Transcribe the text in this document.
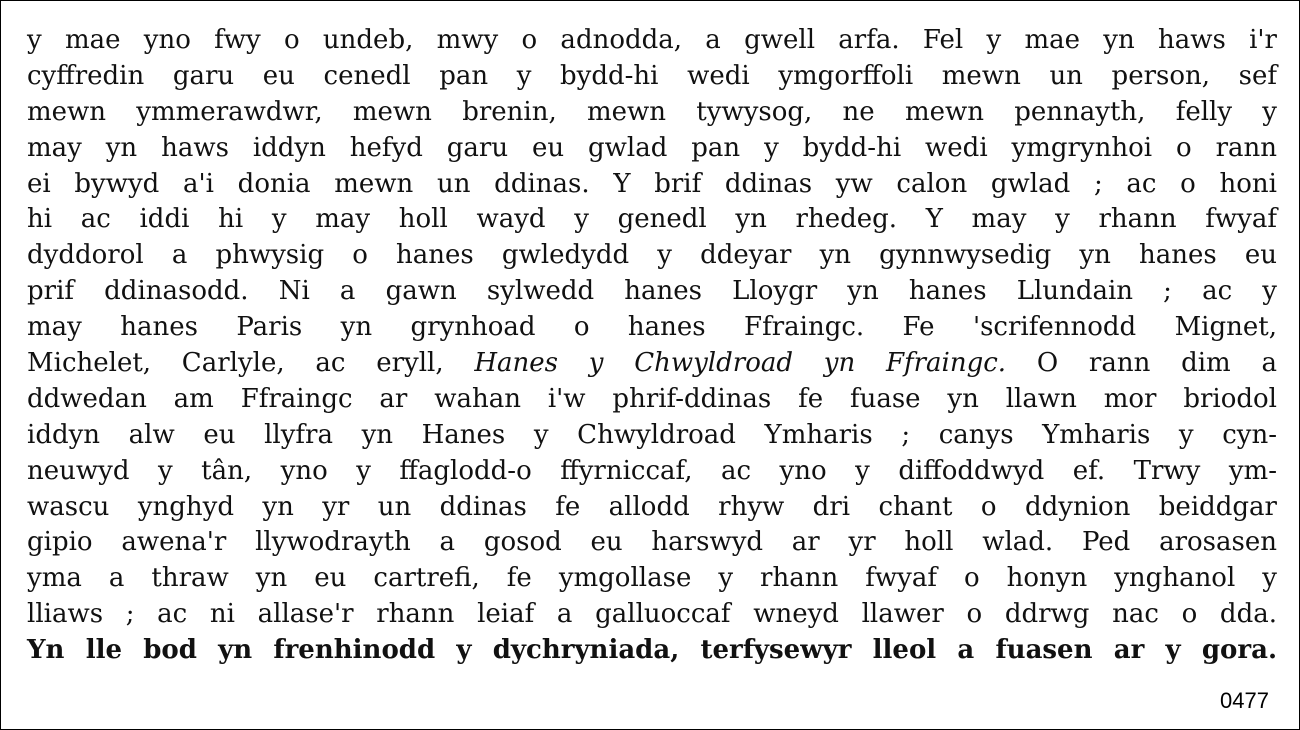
y mae yno fwy o undeb, mwy o adnodda, a gwell arfa. Fel y mae yn haws i'r
cyffredin garu eu cenedl pan y bydd-hi wedi ymgorffoli mewn un person, sef
mewn ymmerawdwr, mewn brenin, mewn tywysog, ne mewn pennayth, felly y
may yn haws iddyn hefyd garu eu gwlad pan y bydd-hi wedi ymgrynhoi o rann
ei bywyd a'i donia mewn un ddinas. Y brif ddinas yw calon gwlad ; ac o honi
hi ac iddi hi y may holl wayd y genedl yn rhedeg. Y may y rhann fwyaf
dyddorol a phwysig o hanes gwledydd y ddeyar yn gynnwysedig yn hanes eu
prif ddinasodd. Ni a gawn sylwedd hanes Lloygr yn hanes Llundain ; ac y
may hanes Paris yn grynhoad o hanes Ffraingc. Fe 'scrifennodd Mignet,
Michelet, Carlyle, ac eryll, Hanes y Chwyldroad yn Ffraingc. O rann dim a
ddwedan am Ffraingc ar wahan i'w phrif-ddinas fe fuase yn llawn mor briodol
iddyn alw eu llyfra yn Hanes y Chwyldroad Ymharis ; canys Ymharis y cyn-
neuwyd y tân, yno y ffaglodd-o ffyrniccaf, ac yno y diffoddwyd ef. Trwy ym-
wascu ynghyd yn yr un ddinas fe allodd rhyw dri chant o ddynion beiddgar
gipio awena'r llywodrayth a gosod eu harswyd ar yr holl wlad. Ped arosasen
yma a thraw yn eu cartrefi, fe ymgollase y rhann fwyaf o honyn ynghanol y
lliaws ; ac ni allase'r rhann leiaf a galluoccaf wneyd llawer o ddrwg nac o dda.
Yn lle bod yn frenhinodd y dychryniada, terfysewyr lleol a fuasen ar y gora.
0477
